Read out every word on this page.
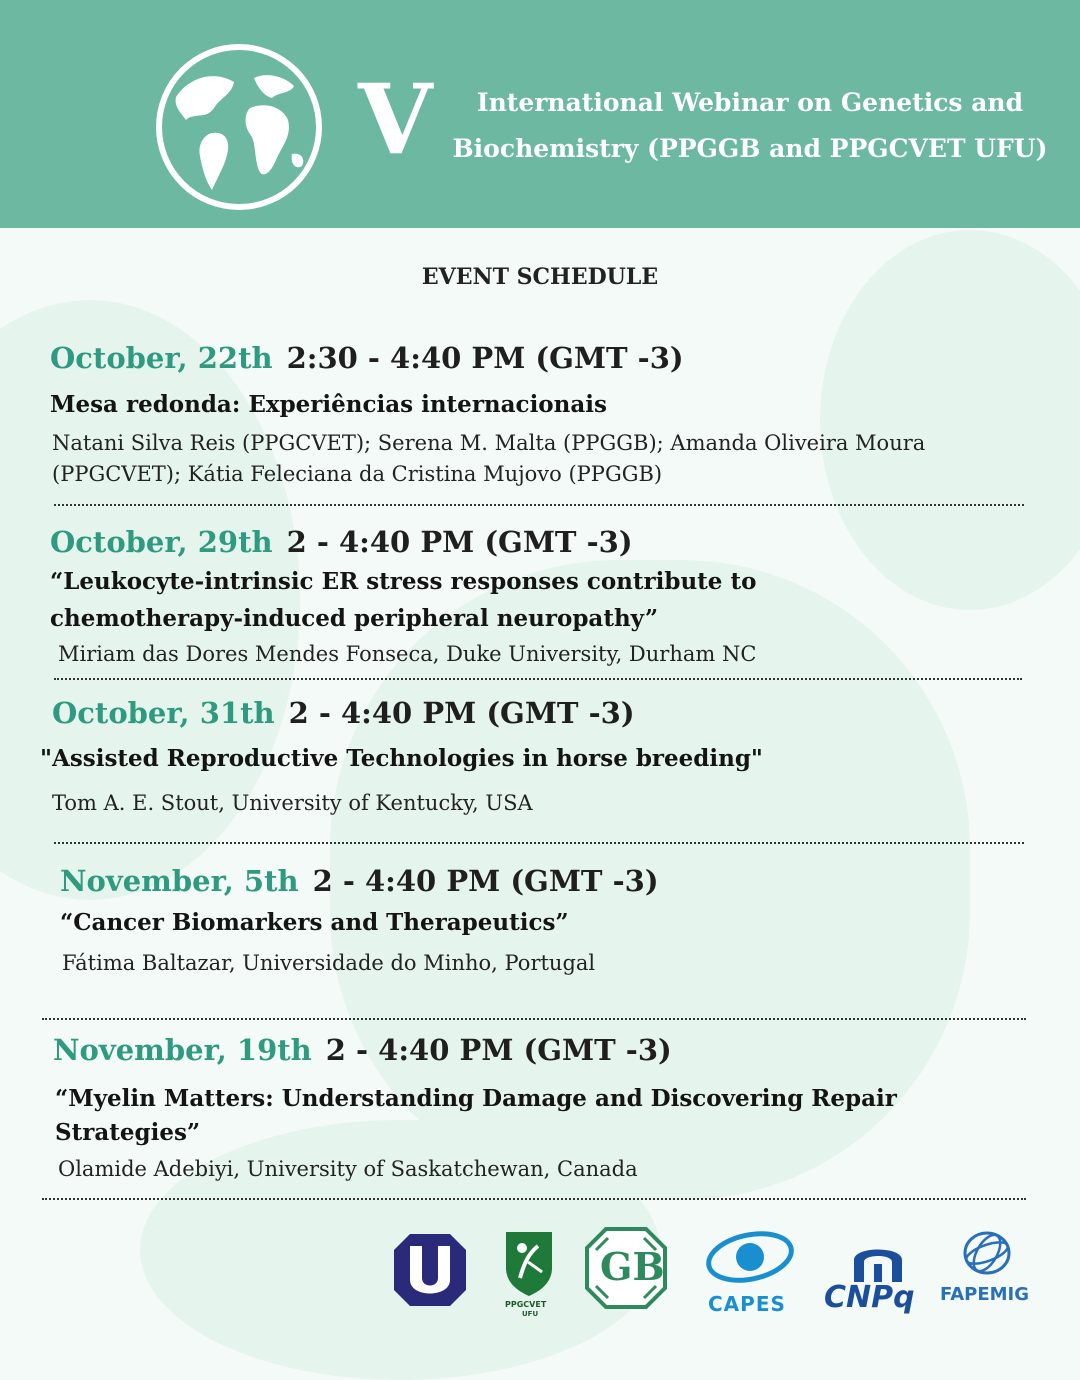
V	International Webinar on Genetics and
Biochemistry (PPGGB and PPGCVET UFU)
EVENT SCHEDULE
October, 22th 2:30 - 4:40 PM (GMT -3)
Mesa redonda: Experiências internacionais
Natani Silva Reis (PPGCVET); Serena M. Malta (PPGGB); Amanda Oliveira Moura (PPGCVET); Kátia Feleciana da Cristina Mujovo (PPGGB)
October, 29th 2 - 4:40 PM (GMT -3)
“Leukocyte-intrinsic ER stress responses contribute to chemotherapy-induced peripheral neuropathy”
Miriam das Dores Mendes Fonseca, Duke University, Durham NC
October, 31th 2 - 4:40 PM (GMT -3)
"Assisted Reproductive Technologies in horse breeding"
Tom A. E. Stout, University of Kentucky, USA
November, 5th 2 - 4:40 PM (GMT -3)
“Cancer Biomarkers and Therapeutics”
Fátima Baltazar, Universidade do Minho, Portugal
November, 19th 2 - 4:40 PM (GMT -3)
“Myelin Matters: Understanding Damage and Discovering Repair Strategies”
Olamide Adebiyi, University of Saskatchewan, Canada
PPGCVET
UFU
GB
CAPES CNPq FAPEMIG
